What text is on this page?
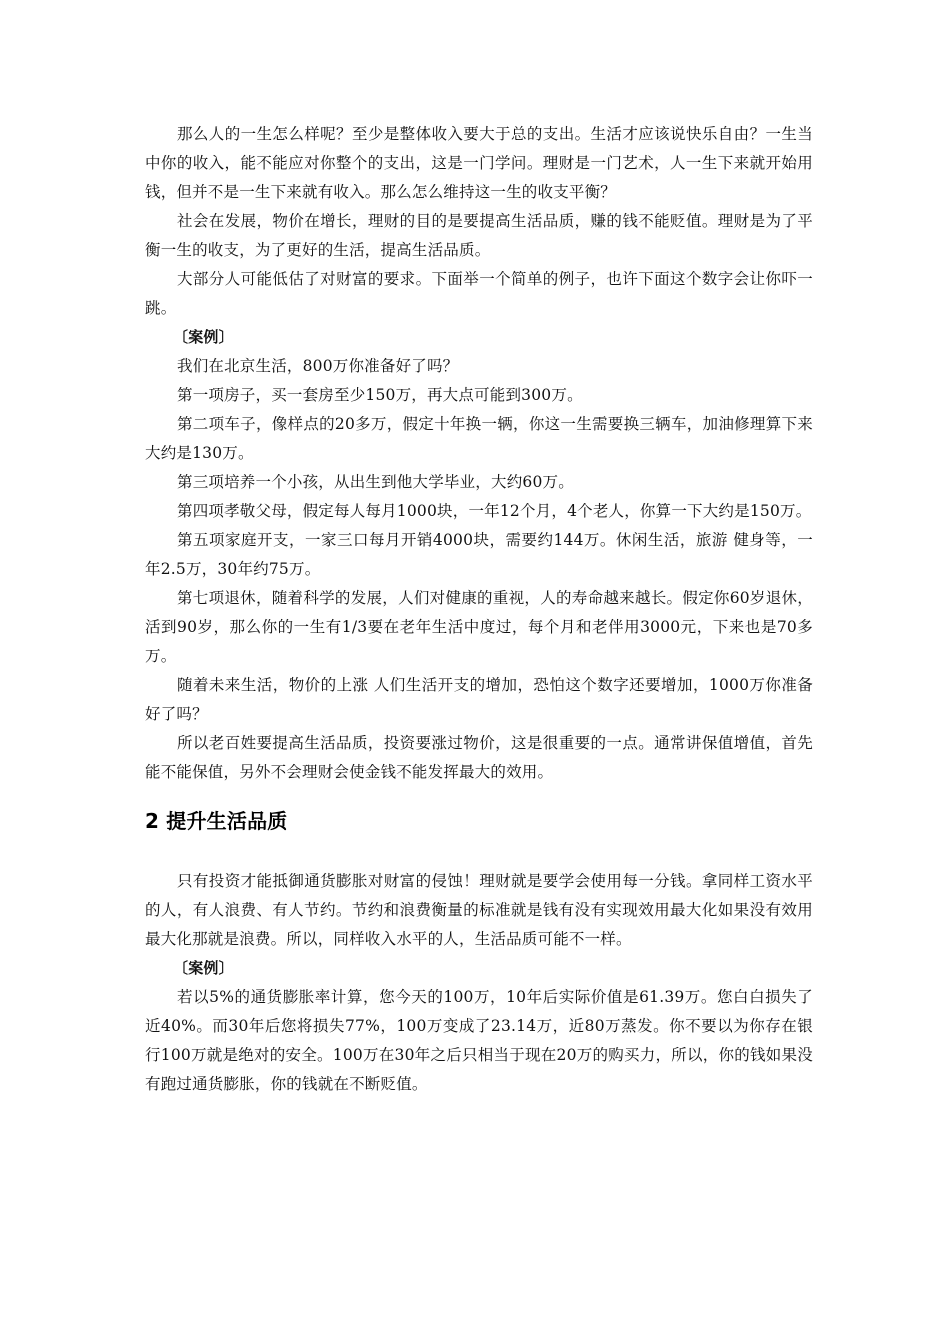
那么人的一生怎么样呢？至少是整体收入要大于总的支出。生活才应该说快乐自由？一生当中你的收入，能不能应对你整个的支出，这是一门学问。理财是一门艺术，人一生下来就开始用钱，但并不是一生下来就有收入。那么怎么维持这一生的收支平衡？

社会在发展，物价在增长，理财的目的是要提高生活品质，赚的钱不能贬值。理财是为了平衡一生的收支，为了更好的生活，提高生活品质。

大部分人可能低估了对财富的要求。下面举一个简单的例子，也许下面这个数字会让你吓一跳。

〔案例〕

我们在北京生活，800万你准备好了吗？

第一项房子，买一套房至少150万，再大点可能到300万。

第二项车子，像样点的20多万，假定十年换一辆，你这一生需要换三辆车，加油修理算下来大约是130万。

第三项培养一个小孩，从出生到他大学毕业，大约60万。

第四项孝敬父母，假定每人每月1000块，一年12个月，4个老人，你算一下大约是150万。

第五项家庭开支，一家三口每月开销4000块，需要约144万。休闲生活，旅游 健身等，一年2.5万，30年约75万。

第七项退休，随着科学的发展，人们对健康的重视，人的寿命越来越长。假定你60岁退休，活到90岁，那么你的一生有1/3要在老年生活中度过，每个月和老伴用3000元，下来也是70多万。

随着未来生活，物价的上涨 人们生活开支的增加，恐怕这个数字还要增加，1000万你准备好了吗？

所以老百姓要提高生活品质，投资要涨过物价，这是很重要的一点。通常讲保值增值，首先能不能保值，另外不会理财会使金钱不能发挥最大的效用。

2 提升生活品质

只有投资才能抵御通货膨胀对财富的侵蚀！理财就是要学会使用每一分钱。拿同样工资水平的人，有人浪费、有人节约。节约和浪费衡量的标准就是钱有没有实现效用最大化如果没有效用最大化那就是浪费。所以，同样收入水平的人，生活品质可能不一样。

〔案例〕

若以5%的通货膨胀率计算，您今天的100万，10年后实际价值是61.39万。您白白损失了近40%。而30年后您将损失77%，100万变成了23.14万，近80万蒸发。你不要以为你存在银行100万就是绝对的安全。100万在30年之后只相当于现在20万的购买力，所以，你的钱如果没有跑过通货膨胀，你的钱就在不断贬值。
